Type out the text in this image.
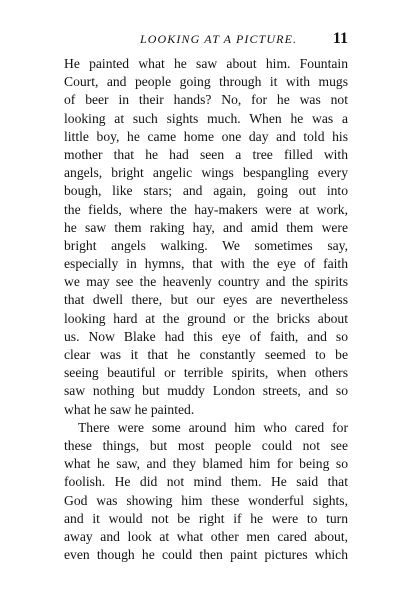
LOOKING AT A PICTURE. 11
He painted what he saw about him. Fountain
Court, and people going through it with mugs
of beer in their hands? No, for he was not
looking at such sights much. When he was a
little boy, he came home one day and told his
mother that he had seen a tree filled with
angels, bright angelic wings bespangling every
bough, like stars; and again, going out into
the fields, where the hay-makers were at work,
he saw them raking hay, and amid them were
bright angels walking. We sometimes say,
especially in hymns, that with the eye of faith
we may see the heavenly country and the spirits
that dwell there, but our eyes are nevertheless
looking hard at the ground or the bricks about
us. Now Blake had this eye of faith, and so
clear was it that he constantly seemed to be
seeing beautiful or terrible spirits, when others
saw nothing but muddy London streets, and so
what he saw he painted.
There were some around him who cared for
these things, but most people could not see
what he saw, and they blamed him for being so
foolish. He did not mind them. He said that
God was showing him these wonderful sights,
and it would not be right if he were to turn
away and look at what other men cared about,
even though he could then paint pictures which
